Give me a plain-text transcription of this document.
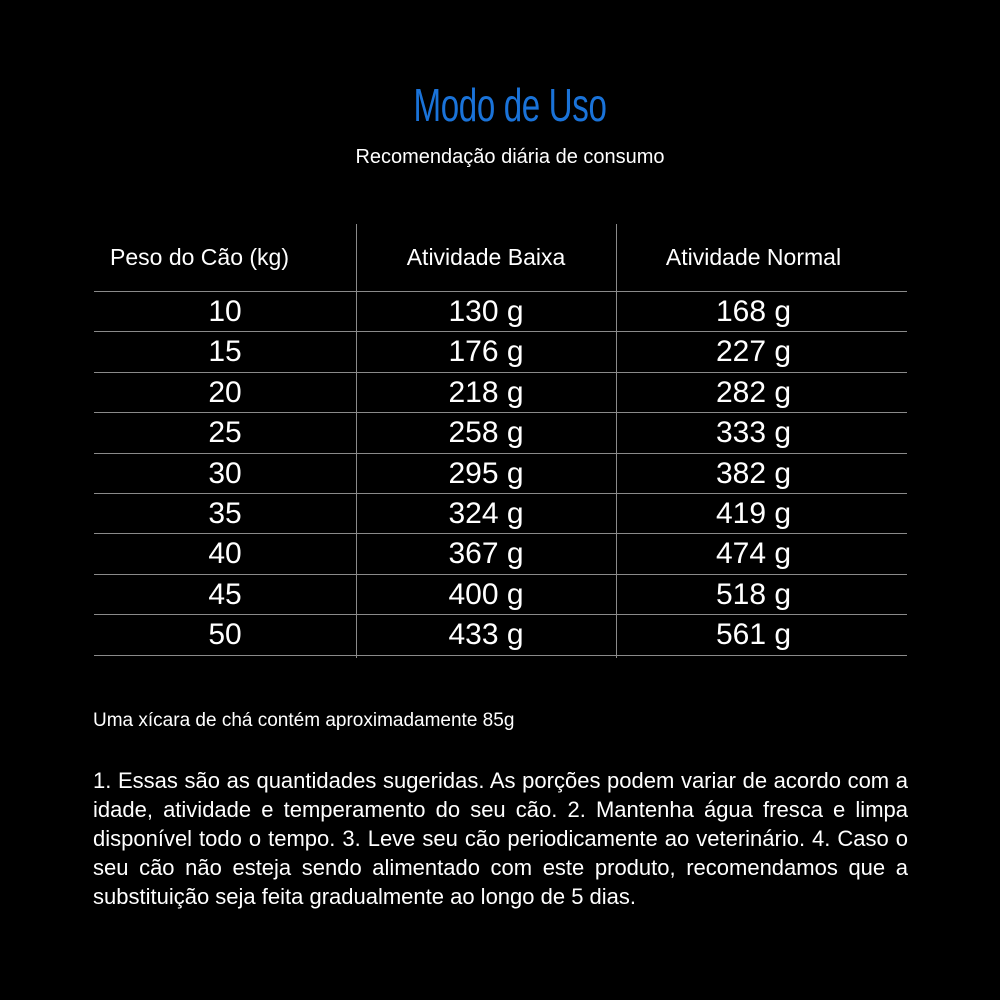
Modo de Uso
Recomendação diária de consumo
Peso do Cão (kg)	Atividade Baixa	Atividade Normal
10	130 g	168 g
15	176 g	227 g
20	218 g	282 g
25	258 g	333 g
30	295 g	382 g
35	324 g	419 g
40	367 g	474 g
45	400 g	518 g
50	433 g	561 g
Uma xícara de chá contém aproximadamente 85g
1. Essas são as quantidades sugeridas. As porções podem variar de acordo com a idade, atividade e temperamento do seu cão. 2. Mantenha água fresca e limpa disponível todo o tempo. 3. Leve seu cão periodicamente ao veterinário. 4. Caso o seu cão não esteja sendo alimentado com este produto, recomendamos que a substituição seja feita gradualmente ao longo de 5 dias.
